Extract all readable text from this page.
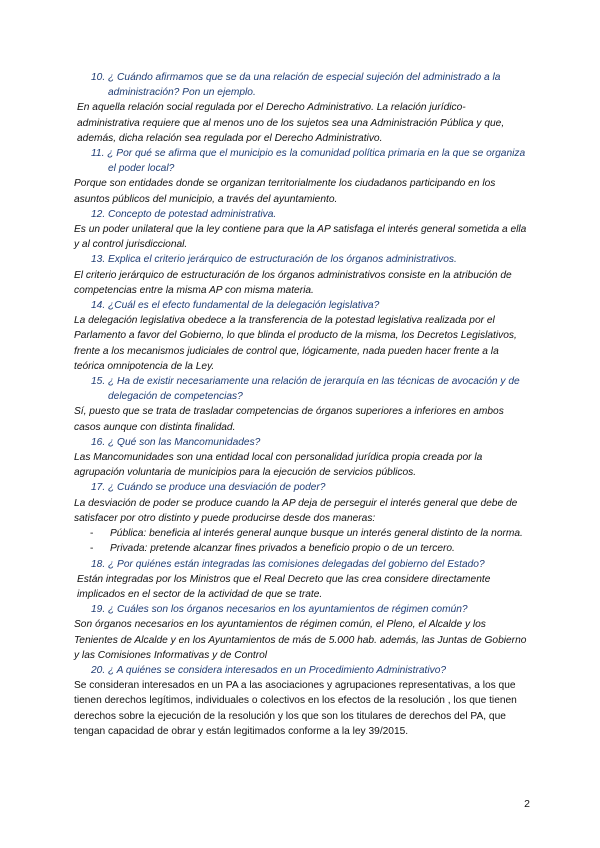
10. ¿ Cuándo afirmamos que se da una relación de especial sujeción del administrado a la administración? Pon un ejemplo.

En aquella relación social regulada por el Derecho Administrativo. La relación jurídico-administrativa requiere que al menos uno de los sujetos sea una Administración Pública y que, además, dicha relación sea regulada por el Derecho Administrativo.

11. ¿ Por qué se afirma que el municipio es la comunidad política primaria en la que se organiza el poder local?

Porque son entidades donde se organizan territorialmente los ciudadanos participando en los asuntos públicos del municipio, a través del ayuntamiento.

12. Concepto de potestad administrativa.

Es un poder unilateral que la ley contiene para que la AP satisfaga el interés general sometida a ella y al control jurisdiccional.

13. Explica el criterio jerárquico de estructuración de los órganos administrativos.

El criterio jerárquico de estructuración de los órganos administrativos consiste en la atribución de competencias entre la misma AP con misma materia.

14. ¿Cuál es el efecto fundamental de la delegación legislativa?

La delegación legislativa obedece a la transferencia de la potestad legislativa realizada por el Parlamento a favor del Gobierno, lo que blinda el producto de la misma, los Decretos Legislativos, frente a los mecanismos judiciales de control que, lógicamente, nada pueden hacer frente a la teórica omnipotencia de la Ley.

15. ¿ Ha de existir necesariamente una relación de jerarquía en las técnicas de avocación y de delegación de competencias?

Sí, puesto que se trata de trasladar competencias de órganos superiores a inferiores en ambos casos aunque con distinta finalidad.

16. ¿ Qué son las Mancomunidades?

Las Mancomunidades son una entidad local con personalidad jurídica propia creada por la agrupación voluntaria de municipios para la ejecución de servicios públicos.

17. ¿ Cuándo se produce una desviación de poder?

La desviación de poder se produce cuando la AP deja de perseguir el interés general que debe de satisfacer por otro distinto y puede producirse desde dos maneras:

- Pública: beneficia al interés general aunque busque un interés general distinto de la norma.

- Privada: pretende alcanzar fines privados a beneficio propio o de un tercero.

18. ¿ Por quiénes están integradas las comisiones delegadas del gobierno del Estado?

Están integradas por los Ministros que el Real Decreto que las crea considere directamente implicados en el sector de la actividad de que se trate.

19. ¿ Cuáles son los órganos necesarios en los ayuntamientos de régimen común?

Son órganos necesarios en los ayuntamientos de régimen común, el Pleno, el Alcalde y los Tenientes de Alcalde y en los Ayuntamientos de más de 5.000 hab. además, las Juntas de Gobierno y las Comisiones Informativas y de Control

20. ¿ A quiénes se considera interesados en un Procedimiento Administrativo?

Se consideran interesados en un PA a las asociaciones y agrupaciones representativas, a los que tienen derechos legítimos, individuales o colectivos en los efectos de la resolución , los que tienen derechos sobre la ejecución de la resolución y los que son los titulares de derechos del PA, que tengan capacidad de obrar y están legitimados conforme a la ley 39/2015.

2
